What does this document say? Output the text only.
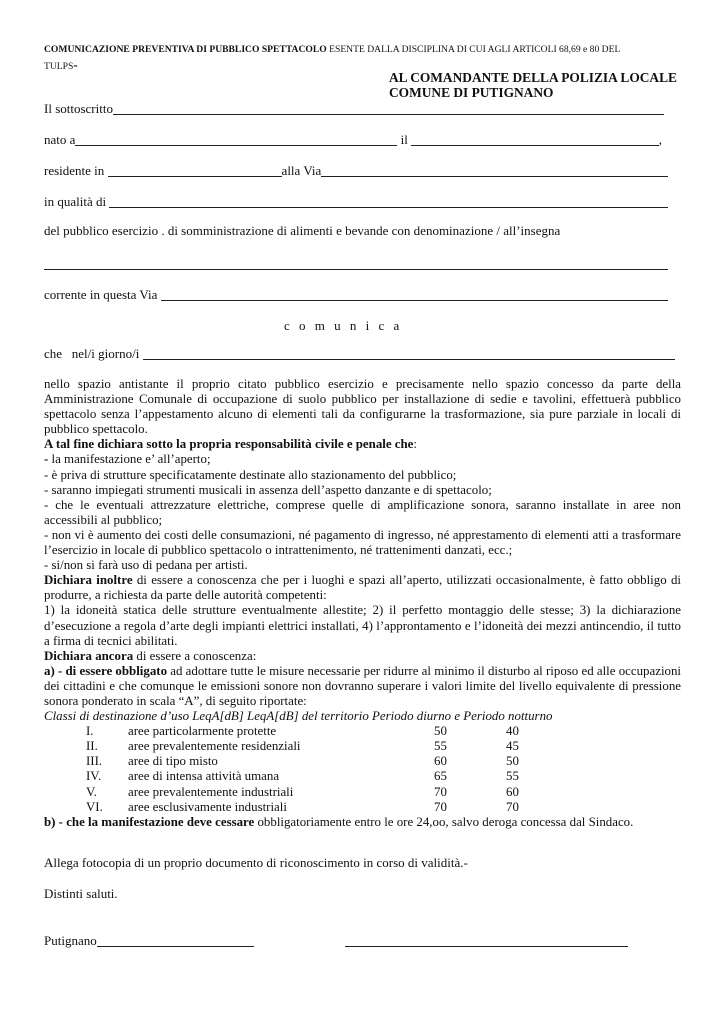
COMUNICAZIONE PREVENTIVA DI PUBBLICO SPETTACOLO ESENTE DALLA DISCIPLINA DI CUI AGLI ARTICOLI 68,69 e 80 DEL
TULPS-
AL COMANDANTE DELLA POLIZIA LOCALE
COMUNE DI PUTIGNANO
Il sottoscritto
nato a	il	,
residente in	alla Via
in qualità di
del pubblico esercizio . di somministrazione di alimenti e bevande con denominazione / all’insegna
corrente in questa Via
c o m u n i c a
che   nel/i giorno/i

nello spazio antistante il proprio citato pubblico esercizio e precisamente nello spazio concesso da parte della Amministrazione Comunale di occupazione di suolo pubblico per installazione di sedie e tavolini, effettuerà pubblico spettacolo senza l’appestamento alcuno di elementi tali da configurarne la trasformazione, sia pure parziale in locali di pubblico spettacolo.

A tal fine dichiara sotto la propria responsabilità civile e penale che:

- la manifestazione e’ all’aperto;

- è priva di strutture specificatamente destinate allo stazionamento del pubblico;

- saranno impiegati strumenti musicali in assenza dell’aspetto danzante e di spettacolo;

- che le eventuali attrezzature elettriche, comprese quelle di amplificazione sonora, saranno installate in aree non accessibili al pubblico;

- non vi è aumento dei costi delle consumazioni, né pagamento di ingresso, né apprestamento di elementi atti a trasformare l’esercizio in locale di pubblico spettacolo o intrattenimento, né trattenimenti danzati, ecc.;

- si/non si farà uso di pedana per artisti.

Dichiara inoltre di essere a conoscenza che per i luoghi e spazi all’aperto, utilizzati occasionalmente, è fatto obbligo di produrre, a richiesta da parte delle autorità competenti:

1) la idoneità statica delle strutture eventualmente allestite; 2) il perfetto montaggio delle stesse; 3) la dichiarazione d’esecuzione a regola d’arte degli impianti elettrici installati, 4) l’approntamento e l’idoneità dei mezzi antincendio, il tutto a firma di tecnici abilitati.

Dichiara ancora di essere a conoscenza:

a) - di essere obbligato ad adottare tutte le misure necessarie per ridurre al minimo il disturbo al riposo ed alle occupazioni dei cittadini e che comunque le emissioni sonore non dovranno superare i valori limite del livello equivalente di pressione sonora ponderato in scala “A”, di seguito riportate:

Classi di destinazione d’uso LeqA[dB] LeqA[dB] del territorio Periodo diurno e Periodo notturno

I.	aree particolarmente protette	50	40
II.	aree prevalentemente residenziali	55	45
III.	aree di tipo misto	60	50
IV.	aree di intensa attività umana	65	55
V.	aree prevalentemente industriali	70	60
VI.	aree esclusivamente industriali	70	70

b) - che la manifestazione deve cessare obbligatoriamente entro le ore 24,oo, salvo deroga concessa dal Sindaco.

Allega fotocopia di un proprio documento di riconoscimento in corso di validità.-
Distinti saluti.
Putignano
